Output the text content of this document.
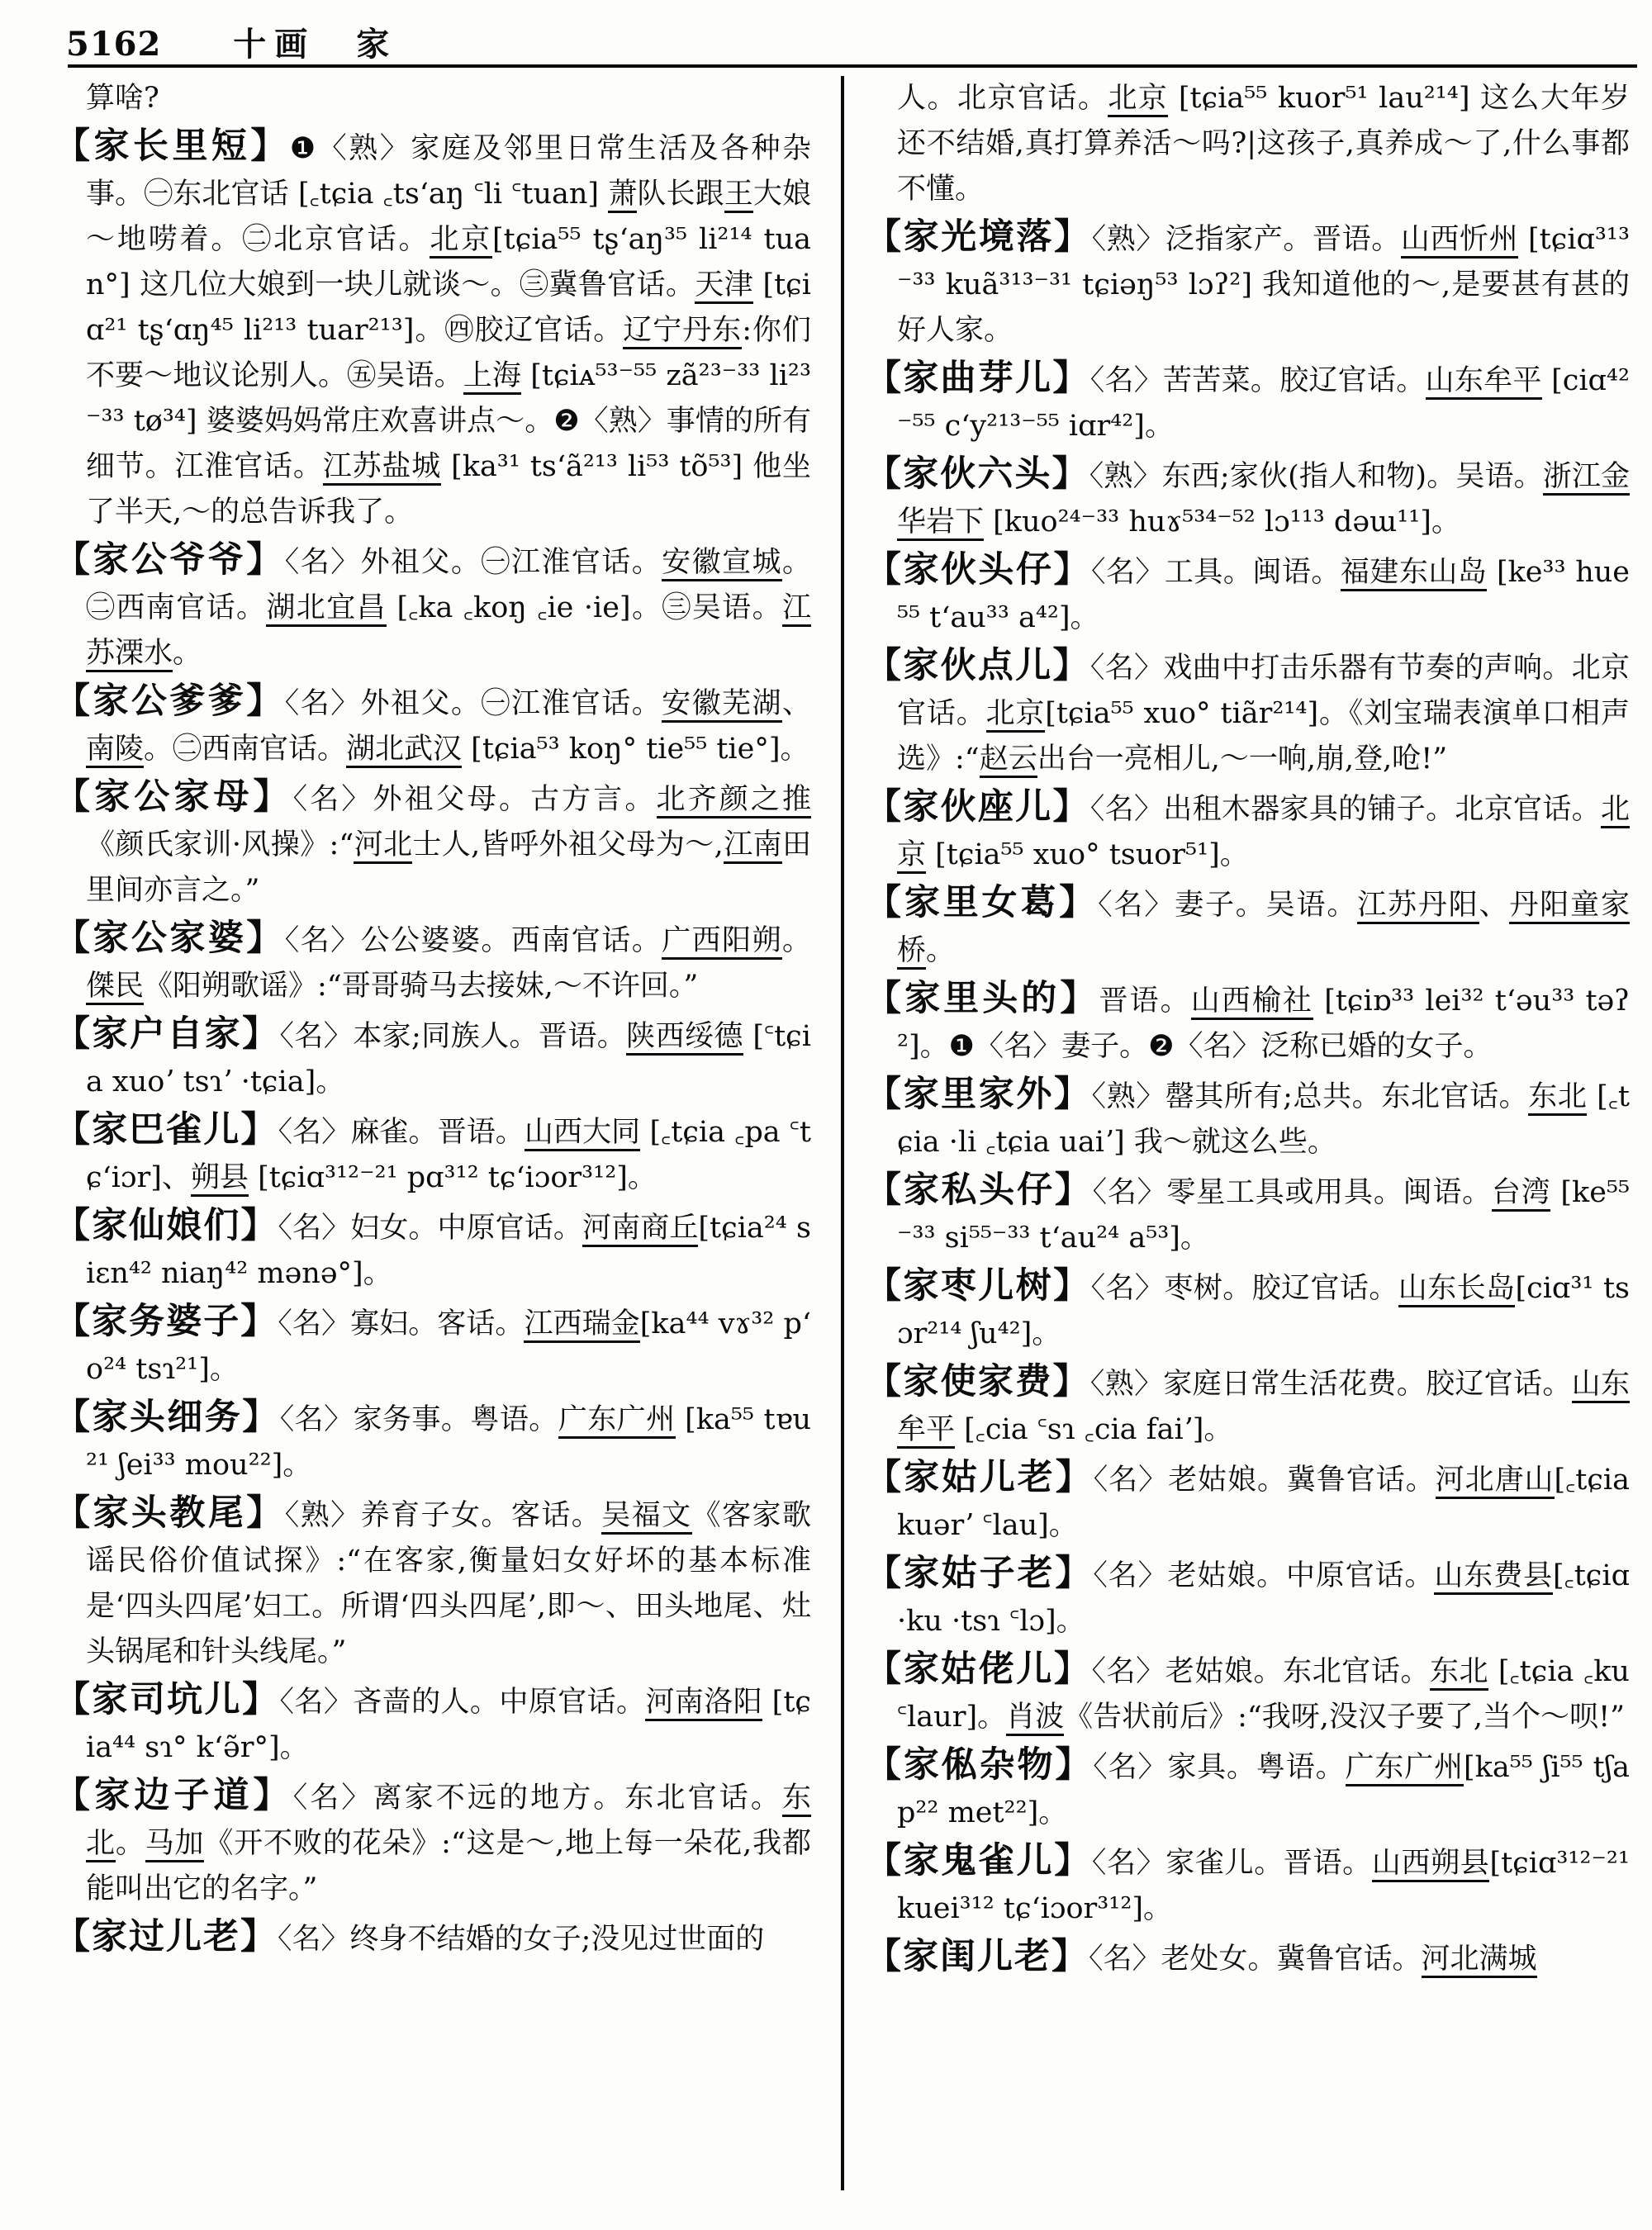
5162 十画 家

算啥?

【家长里短】❶〈熟〉家庭及邻里日常生活及各种杂事。㊀东北官话 [꜀tɕia ꜀tsʻaŋ ꜂li ꜂tuan] 萧队长跟王大娘～地唠着。㊁北京官话。北京[tɕia⁵⁵ tʂʻaŋ³⁵ li²¹⁴ tuan°] 这几位大娘到一块儿就谈～。㊂冀鲁官话。天津 [tɕiɑ²¹ tʂʻɑŋ⁴⁵ li²¹³ tuar²¹³]。㊃胶辽官话。辽宁丹东:你们不要～地议论别人。㊄吴语。上海 [tɕiᴀ⁵³⁻⁵⁵ zã²³⁻³³ li²³⁻³³ tø³⁴] 婆婆妈妈常庄欢喜讲点～。❷〈熟〉事情的所有细节。江淮官话。江苏盐城 [ka³¹ tsʻã²¹³ li⁵³ tõ⁵³] 他坐了半天,～的总告诉我了。

【家公爷爷】〈名〉外祖父。㊀江淮官话。安徽宣城。㊁西南官话。湖北宜昌 [꜀ka ꜀koŋ ꜀ie ·ie]。㊂吴语。江苏溧水。

【家公爹爹】〈名〉外祖父。㊀江淮官话。安徽芜湖、南陵。㊁西南官话。湖北武汉 [tɕia⁵³ koŋ° tie⁵⁵ tie°]。

【家公家母】〈名〉外祖父母。古方言。北齐颜之推《颜氏家训·风操》:“河北士人,皆呼外祖父母为～,江南田里间亦言之。”

【家公家婆】〈名〉公公婆婆。西南官话。广西阳朔。傑民《阳朔歌谣》:“哥哥骑马去接妹,～不许回。”

【家户自家】〈名〉本家;同族人。晋语。陕西绥德 [꜂tɕia xuoʼ tsɿʼ ·tɕia]。

【家巴雀儿】〈名〉麻雀。晋语。山西大同 [꜀tɕia ꜀pa ꜂tɕʻiɔr]、朔县 [tɕiɑ³¹²⁻²¹ pɑ³¹² tɕʻiɔor³¹²]。

【家仙娘们】〈名〉妇女。中原官话。河南商丘[tɕia²⁴ siɛn⁴² niaŋ⁴² mənə°]。

【家务婆子】〈名〉寡妇。客话。江西瑞金[ka⁴⁴ vɤ³² pʻo²⁴ tsɿ²¹]。

【家头细务】〈名〉家务事。粤语。广东广州 [ka⁵⁵ tɐu²¹ ʃei³³ mou²²]。

【家头教尾】〈熟〉养育子女。客话。吴福文《客家歌谣民俗价值试探》:“在客家,衡量妇女好坏的基本标准是‘四头四尾’妇工。所谓‘四头四尾’,即～、田头地尾、灶头锅尾和针头线尾。”

【家司坑儿】〈名〉吝啬的人。中原官话。河南洛阳 [tɕia⁴⁴ sɿ° kʻə̃r°]。

【家边子道】〈名〉离家不远的地方。东北官话。东北。马加《开不败的花朵》:“这是～,地上每一朵花,我都能叫出它的名字。”

【家过儿老】〈名〉终身不结婚的女子;没见过世面的

人。北京官话。北京 [tɕia⁵⁵ kuor⁵¹ lau²¹⁴] 这么大年岁还不结婚,真打算养活～吗?|这孩子,真养成～了,什么事都不懂。

【家光境落】〈熟〉泛指家产。晋语。山西忻州 [tɕiɑ³¹³⁻³³ kuã³¹³⁻³¹ tɕiəŋ⁵³ lɔʔ²] 我知道他的～,是要甚有甚的好人家。

【家曲芽儿】〈名〉苦苦菜。胶辽官话。山东牟平 [ciɑ⁴²⁻⁵⁵ cʻy²¹³⁻⁵⁵ iɑr⁴²]。

【家伙六头】〈熟〉东西;家伙(指人和物)。吴语。浙江金华岩下 [kuo²⁴⁻³³ huɤ⁵³⁴⁻⁵² lɔ¹¹³ dəɯ¹¹]。

【家伙头仔】〈名〉工具。闽语。福建东山岛 [ke³³ hue⁵⁵ tʻau³³ a⁴²]。

【家伙点儿】〈名〉戏曲中打击乐器有节奏的声响。北京官话。北京[tɕia⁵⁵ xuo° tiãr²¹⁴]。《刘宝瑞表演单口相声选》:“赵云出台一亮相儿,～一响,崩,登,呛!”

【家伙座儿】〈名〉出租木器家具的铺子。北京官话。北京 [tɕia⁵⁵ xuo° tsuor⁵¹]。

【家里女葛】〈名〉妻子。吴语。江苏丹阳、丹阳童家桥。

【家里头的】晋语。山西榆社 [tɕiɒ³³ lei³² tʻəu³³ təʔ²]。❶〈名〉妻子。❷〈名〉泛称已婚的女子。

【家里家外】〈熟〉罄其所有;总共。东北官话。东北 [꜀tɕia ·li ꜀tɕia uaiʼ] 我～就这么些。

【家私头仔】〈名〉零星工具或用具。闽语。台湾 [ke⁵⁵⁻³³ si⁵⁵⁻³³ tʻau²⁴ a⁵³]。

【家枣儿树】〈名〉枣树。胶辽官话。山东长岛[ciɑ³¹ tsɔr²¹⁴ ʃu⁴²]。

【家使家费】〈熟〉家庭日常生活花费。胶辽官话。山东牟平 [꜀cia ꜂sɿ ꜀cia faiʼ]。

【家姑儿老】〈名〉老姑娘。冀鲁官话。河北唐山[꜀tɕia kuərʼ ꜂lau]。

【家姑子老】〈名〉老姑娘。中原官话。山东费县[꜀tɕiɑ ·ku ·tsɿ ꜂lɔ]。

【家姑佬儿】〈名〉老姑娘。东北官话。东北 [꜀tɕia ꜀ku ꜂laur]。肖波《告状前后》:“我呀,没汉子要了,当个～呗!”

【家俬杂物】〈名〉家具。粤语。广东广州[ka⁵⁵ ʃi⁵⁵ tʃap²² met²²]。

【家鬼雀儿】〈名〉家雀儿。晋语。山西朔县[tɕiɑ³¹²⁻²¹ kuei³¹² tɕʻiɔor³¹²]。

【家闺儿老】〈名〉老处女。冀鲁官话。河北满城
